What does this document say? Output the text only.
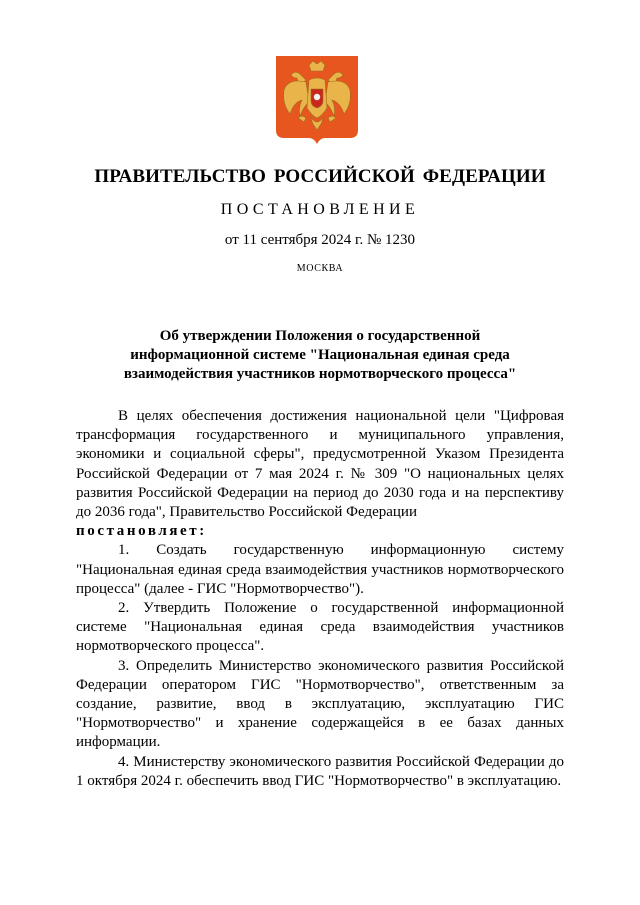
ПРАВИТЕЛЬСТВО РОССИЙСКОЙ ФЕДЕРАЦИИ
ПОСТАНОВЛЕНИЕ
от 11 сентября 2024 г. № 1230
МОСКВА
Об утверждении Положения о государственной
информационной системе "Национальная единая среда
взаимодействия участников нормотворческого процесса"

В целях обеспечения достижения национальной цели "Цифровая трансформация государственного и муниципального управления, экономики и социальной сферы", предусмотренной Указом Президента Российской Федерации от 7 мая 2024 г. № 309 "О национальных целях развития Российской Федерации на период до 2030 года и на перспективу до 2036 года", Правительство Российской Федерации

постановляет:

1. Создать государственную информационную систему "Национальная единая среда взаимодействия участников нормотворческого процесса" (далее - ГИС "Нормотворчество").

2. Утвердить Положение о государственной информационной системе "Национальная единая среда взаимодействия участников нормотворческого процесса".

3. Определить Министерство экономического развития Российской Федерации оператором ГИС "Нормотворчество", ответственным за создание, развитие, ввод в эксплуатацию, эксплуатацию ГИС "Нормотворчество" и хранение содержащейся в ее базах данных информации.

4. Министерству экономического развития Российской Федерации до 1 октября 2024 г. обеспечить ввод ГИС "Нормотворчество" в эксплуатацию.
